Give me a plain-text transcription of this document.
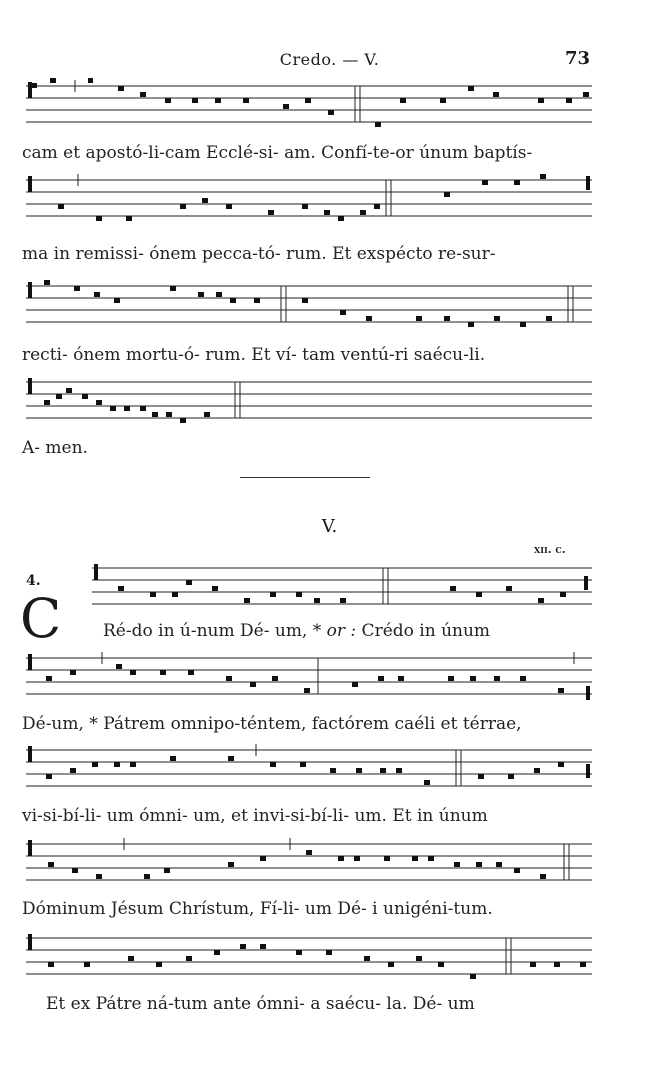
Credo. — V.	73
cam et apostó-li-cam Ecclé-si- am. Confí-te-or únum baptís-
ma in remissi- ónem pecca-tó- rum. Et exspécto re-sur-
recti- ónem mortu-ó- rum. Et ví- tam ventú-ri saécu-li.
A- men.
V.
xii. c.
4.
C Ré-do in ú-num Dé- um, * or : Crédo in únum
Dé-um, * Pátrem omnipo-téntem, factórem caéli et térrae,
vi-si-bí-li- um ómni- um, et invi-si-bí-li- um. Et in únum
Dóminum Jésum Chrístum, Fí-li- um Dé- i unigéni-tum.
Et ex Pátre ná-tum ante ómni- a saécu- la. Dé- um
